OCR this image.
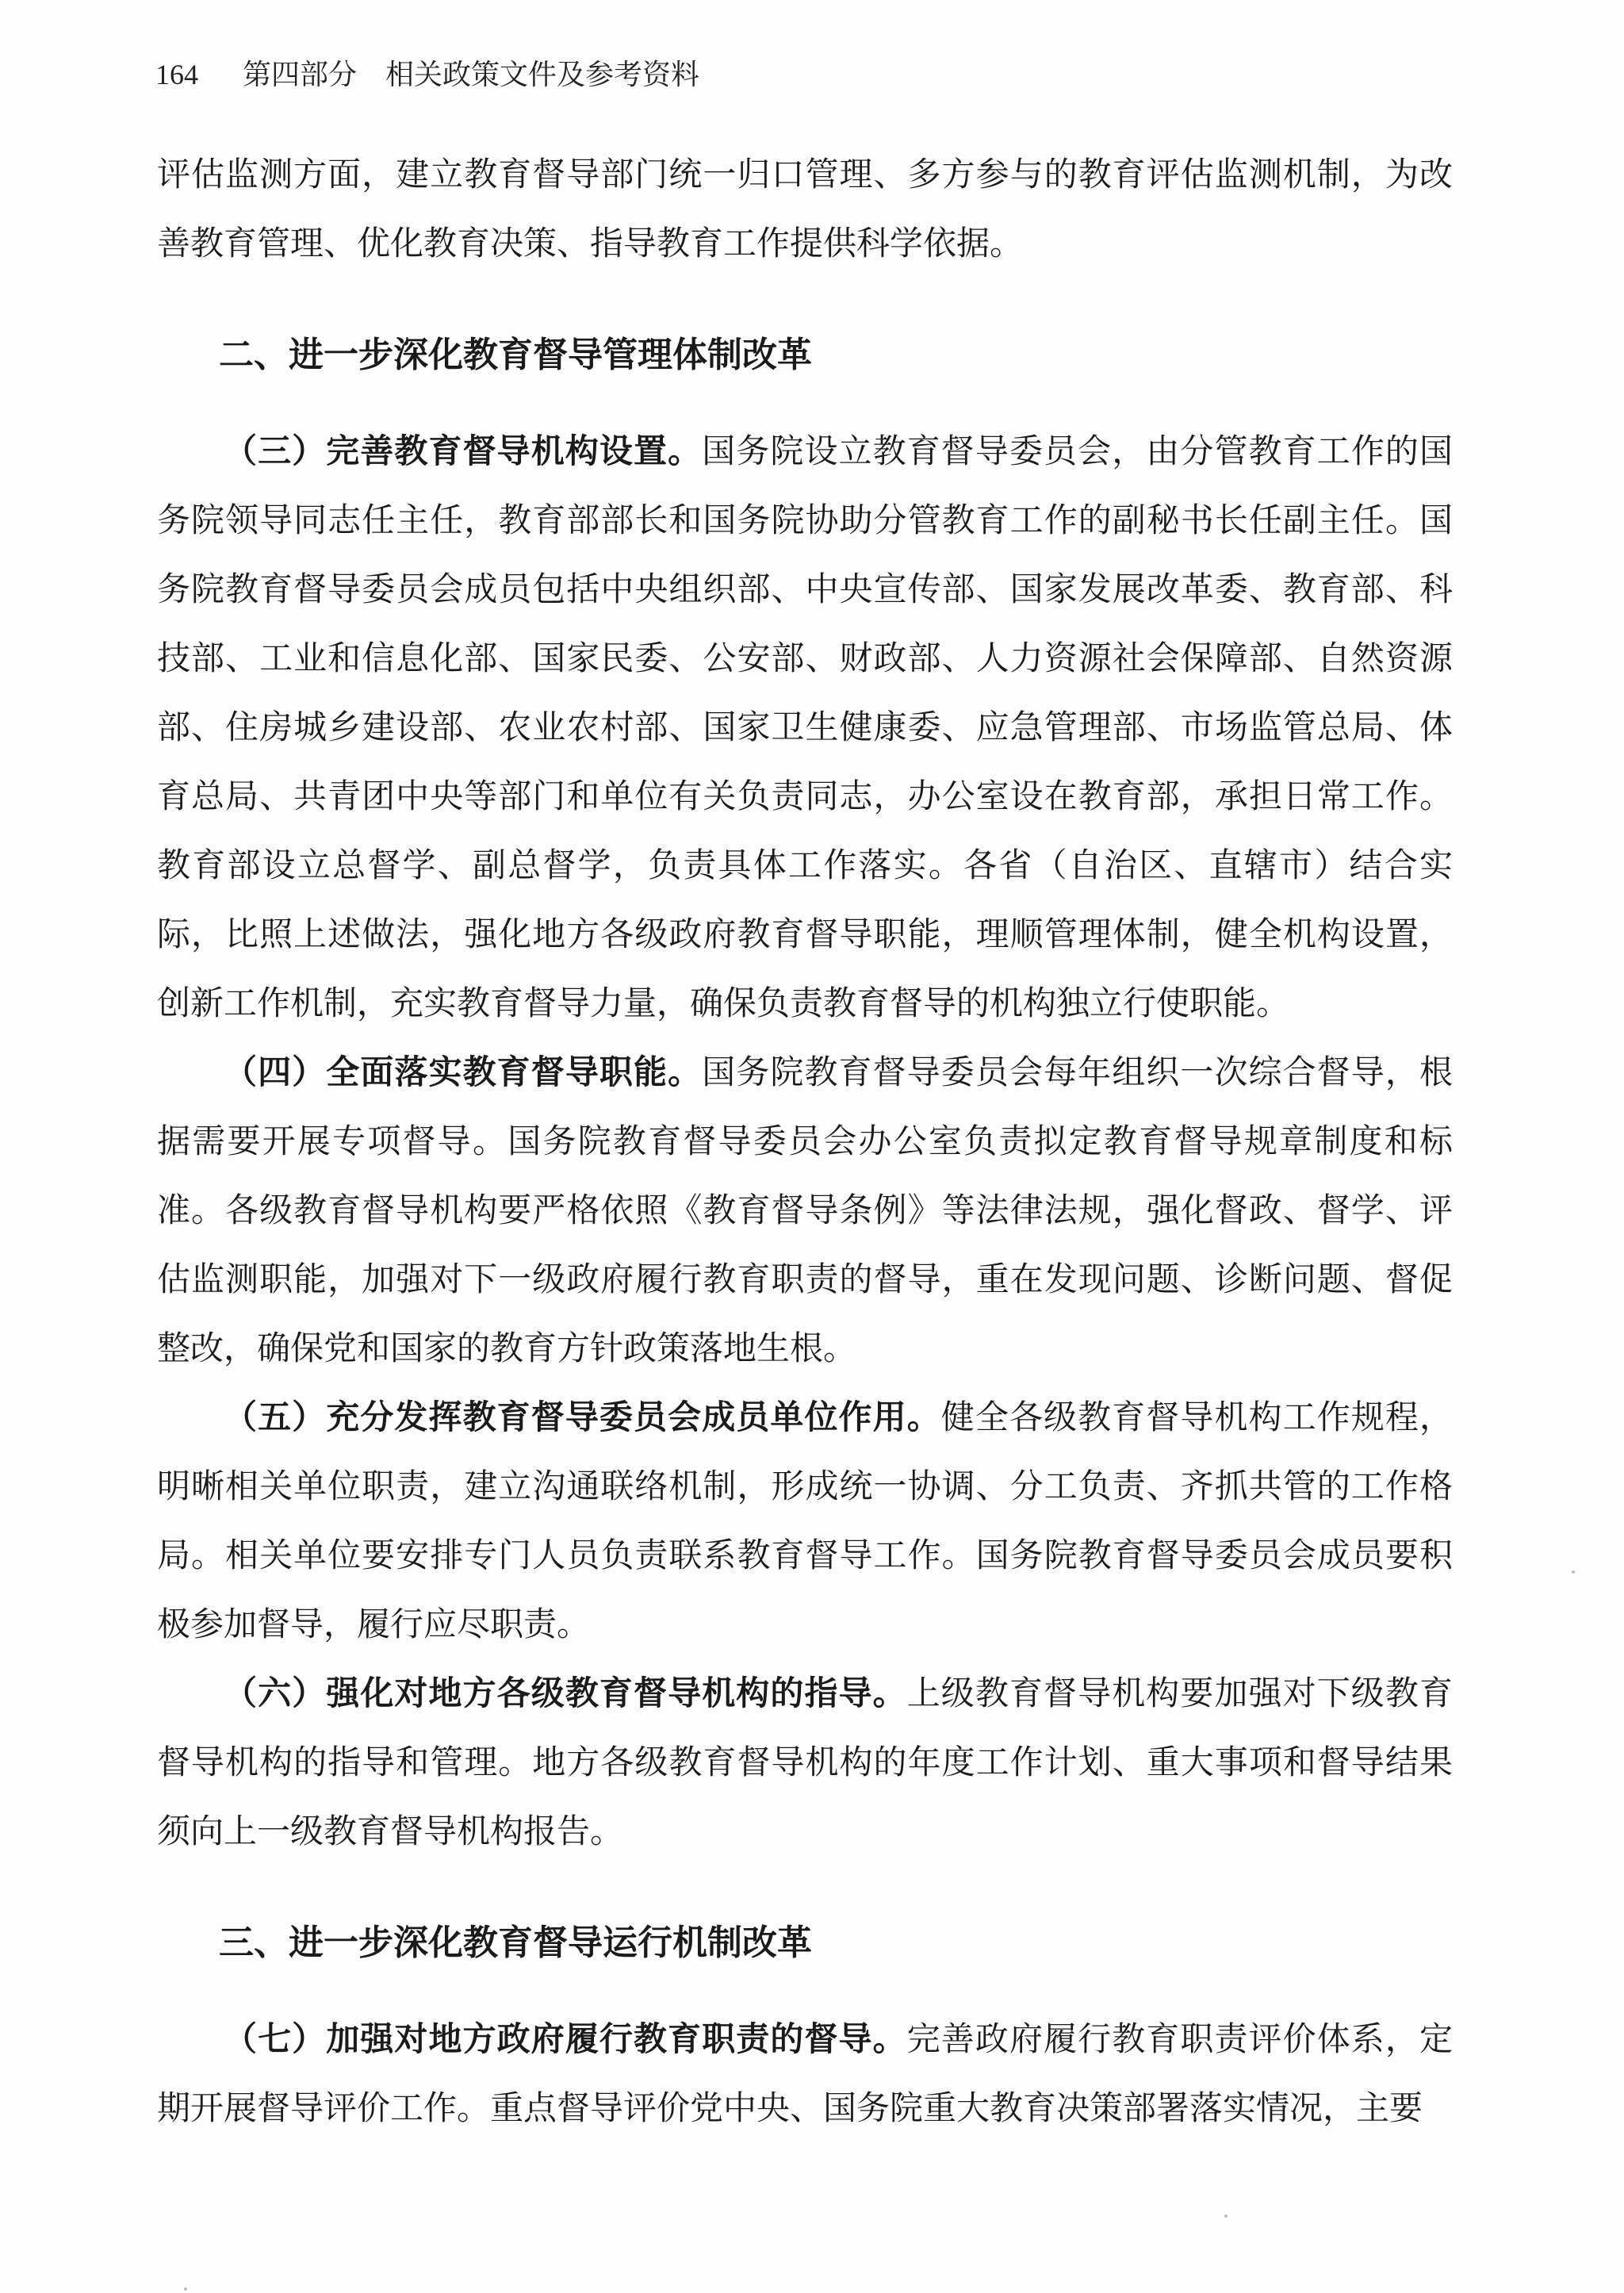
164 第四部分 相关政策文件及参考资料

评估监测方面，建立教育督导部门统一归口管理、多方参与的教育评估监测机制，为改善教育管理、优化教育决策、指导教育工作提供科学依据。

二、进一步深化教育督导管理体制改革

（三）完善教育督导机构设置。国务院设立教育督导委员会，由分管教育工作的国务院领导同志任主任，教育部部长和国务院协助分管教育工作的副秘书长任副主任。国务院教育督导委员会成员包括中央组织部、中央宣传部、国家发展改革委、教育部、科技部、工业和信息化部、国家民委、公安部、财政部、人力资源社会保障部、自然资源部、住房城乡建设部、农业农村部、国家卫生健康委、应急管理部、市场监管总局、体育总局、共青团中央等部门和单位有关负责同志，办公室设在教育部，承担日常工作。教育部设立总督学、副总督学，负责具体工作落实。各省（自治区、直辖市）结合实际，比照上述做法，强化地方各级政府教育督导职能，理顺管理体制，健全机构设置，创新工作机制，充实教育督导力量，确保负责教育督导的机构独立行使职能。

（四）全面落实教育督导职能。国务院教育督导委员会每年组织一次综合督导，根据需要开展专项督导。国务院教育督导委员会办公室负责拟定教育督导规章制度和标准。各级教育督导机构要严格依照《教育督导条例》等法律法规，强化督政、督学、评估监测职能，加强对下一级政府履行教育职责的督导，重在发现问题、诊断问题、督促整改，确保党和国家的教育方针政策落地生根。

（五）充分发挥教育督导委员会成员单位作用。健全各级教育督导机构工作规程，明晰相关单位职责，建立沟通联络机制，形成统一协调、分工负责、齐抓共管的工作格局。相关单位要安排专门人员负责联系教育督导工作。国务院教育督导委员会成员要积极参加督导，履行应尽职责。

（六）强化对地方各级教育督导机构的指导。上级教育督导机构要加强对下级教育督导机构的指导和管理。地方各级教育督导机构的年度工作计划、重大事项和督导结果须向上一级教育督导机构报告。

三、进一步深化教育督导运行机制改革

（七）加强对地方政府履行教育职责的督导。完善政府履行教育职责评价体系，定期开展督导评价工作。重点督导评价党中央、国务院重大教育决策部署落实情况，主要
